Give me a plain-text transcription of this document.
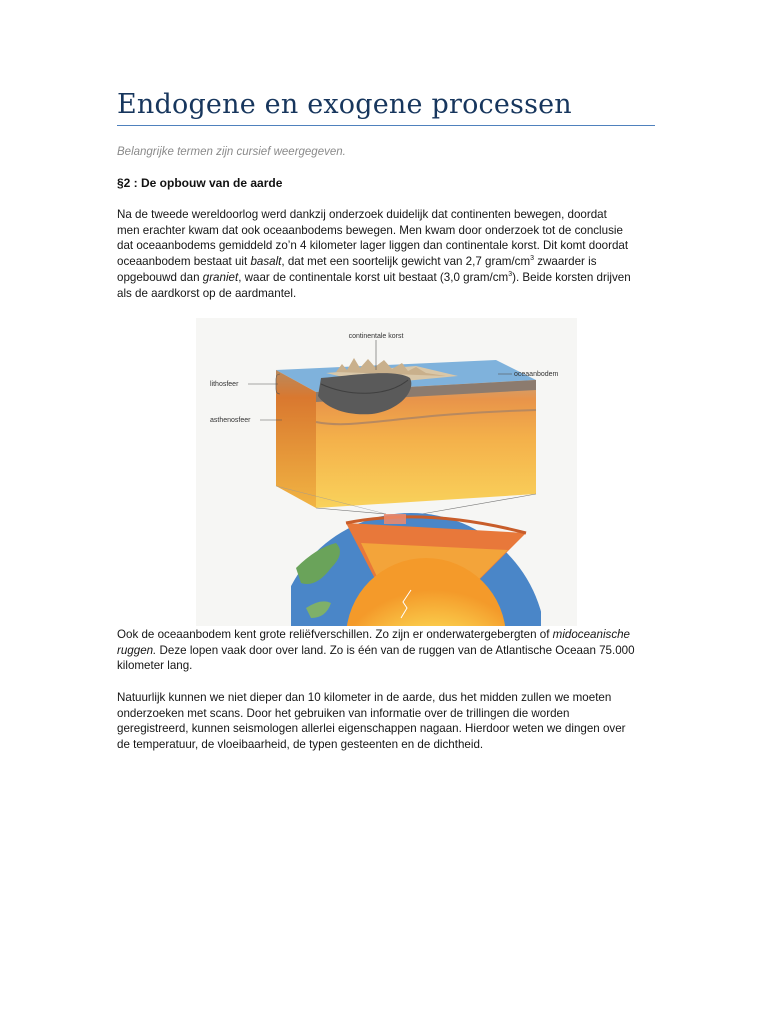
Endogene en exogene processen
Belangrijke termen zijn cursief weergegeven.
§2 : De opbouw van de aarde

Na de tweede wereldoorlog werd dankzij onderzoek duidelijk dat continenten bewegen, doordat
men erachter kwam dat ook oceaanbodems bewegen. Men kwam door onderzoek tot de conclusie
dat oceaanbodems gemiddeld zo’n 4 kilometer lager liggen dan continentale korst. Dit komt doordat
oceaanbodem bestaat uit basalt, dat met een soortelijk gewicht van 2,7 gram/$cm^3$ zwaarder is
opgebouwd dan graniet, waar de continentale korst uit bestaat (3,0 gram/$cm^3$). Beide korsten drijven
als de aardkorst op de aardmantel.

continentale korst
oceaanbodem
lithosfeer
asthenosfeer

Ook de oceaanbodem kent grote reliëfverschillen. Zo zijn er onderwatergebergten of midoceanische
ruggen. Deze lopen vaak door over land. Zo is één van de ruggen van de Atlantische Oceaan 75.000
kilometer lang.

Natuurlijk kunnen we niet dieper dan 10 kilometer in de aarde, dus het midden zullen we moeten
onderzoeken met scans. Door het gebruiken van informatie over de trillingen die worden
geregistreerd, kunnen seismologen allerlei eigenschappen nagaan. Hierdoor weten we dingen over
de temperatuur, de vloeibaarheid, de typen gesteenten en de dichtheid.
